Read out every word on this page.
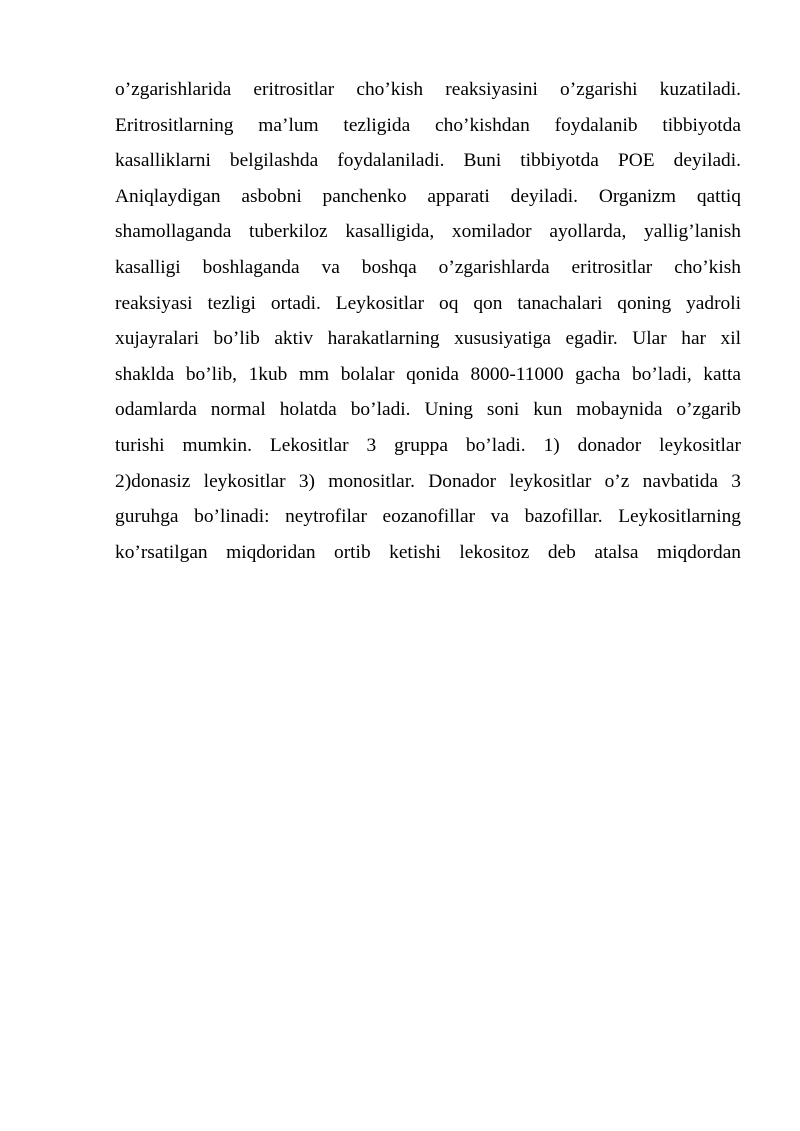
o’zgarishlarida eritrositlar cho’kish reaksiyasini o’zgarishi kuzatiladi.
Eritrositlarning ma’lum tezligida cho’kishdan foydalanib tibbiyotda
kasalliklarni belgilashda foydalaniladi. Buni tibbiyotda POE deyiladi.
Aniqlaydigan asbobni panchenko apparati deyiladi. Organizm qattiq
shamollaganda tuberkiloz kasalligida, xomilador ayollarda, yallig’lanish
kasalligi boshlaganda va boshqa o’zgarishlarda eritrositlar cho’kish
reaksiyasi tezligi ortadi. Leykositlar oq qon tanachalari qoning yadroli
xujayralari bo’lib aktiv harakatlarning xususiyatiga egadir. Ular har xil
shaklda bo’lib, 1kub mm bolalar qonida 8000-11000 gacha bo’ladi, katta
odamlarda normal holatda bo’ladi. Uning soni kun mobaynida o’zgarib
turishi mumkin. Lekositlar 3 gruppa bo’ladi. 1) donador leykositlar
2)donasiz leykositlar 3) monositlar. Donador leykositlar o’z navbatida 3
guruhga bo’linadi: neytrofilar eozanofillar va bazofillar. Leykositlarning
ko’rsatilgan miqdoridan ortib ketishi lekositoz deb atalsa miqdordan
